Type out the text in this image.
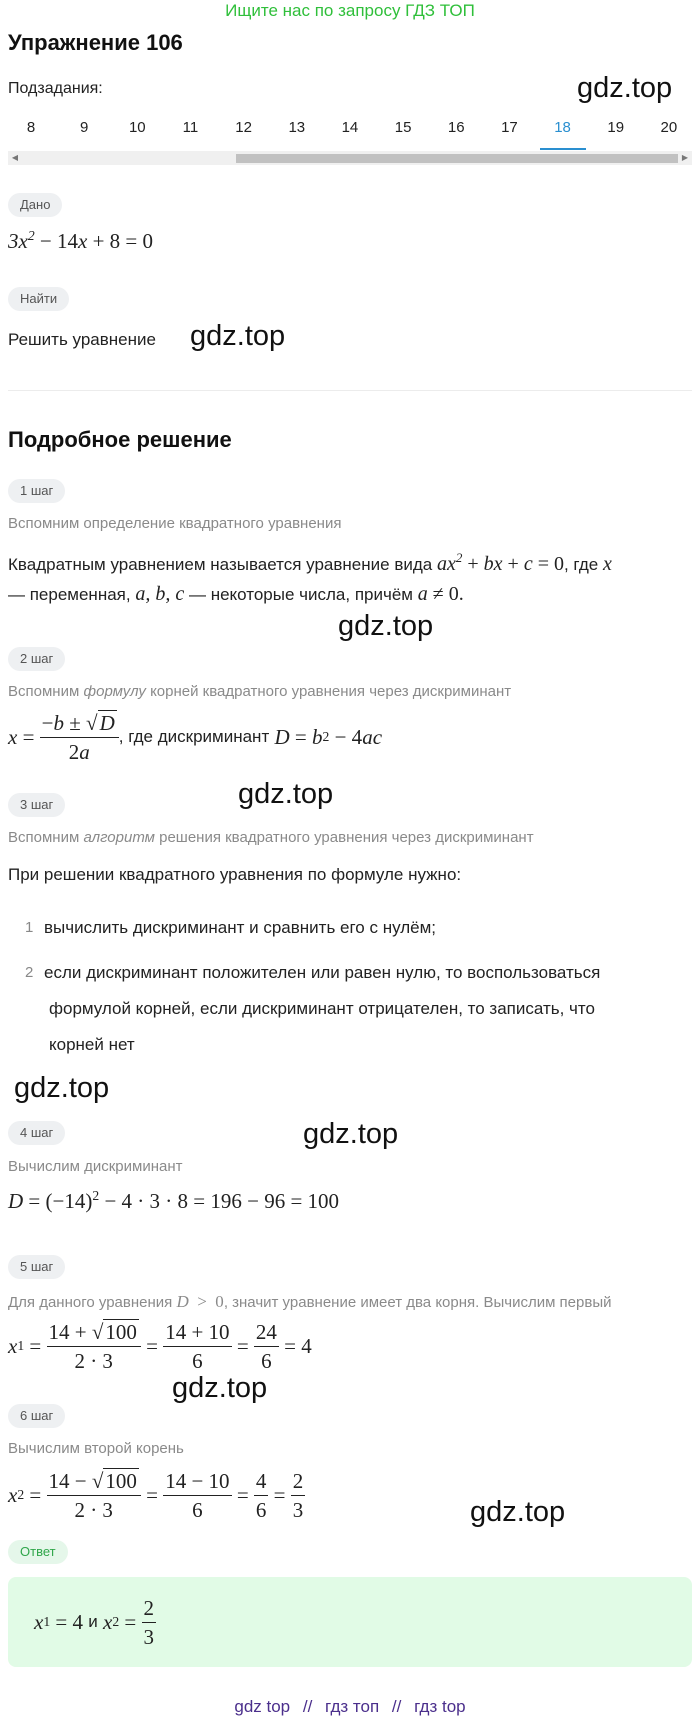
Ищите нас по запросу ГДЗ ТОП
Упражнение 106
Подзадания:	gdz.top
8	9	10	11	12	13	14	15	16	17	18	19	20
◀	▶
Дано
$3x^2 - 14x + 8 = 0$
Найти
Решить уравнение gdz.top
Подробное решение
1 шаг
Вспомним определение квадратного уравнения
Квадратным уравнением называется уравнение вида $ax^2$ + bx + c = 0, где x
— переменная, a, b, c — некоторые числа, причём a ≠ 0.
gdz.top
2 шаг
Вспомним формулу корней квадратного уравнения через дискриминант
$x = \frac{-b \pm √D}{2a}$ , где дискриминант D = b 2 − 4 ac
gdz.top
3 шаг
Вспомним алгоритм решения квадратного уравнения через дискриминант
При решении квадратного уравнения по формуле нужно:
1 вычислить дискриминант и сравнить его с нулём;
2 если дискриминант положителен или равен нулю, то воспользоваться
формулой корней, если дискриминант отрицателен, то записать, что
корней нет
gdz.top
4 шаг	gdz.top
Вычислим дискриминант
$D = (-14)^2 - 4 \cdot 3 \cdot 8 = 196 - 96 = 100$
5 шаг
Для данного уравнения D  >  0, значит уравнение имеет два корня. Вычислим первый
x $1 = \frac{14 + √100}{2 \cdot 3} = \frac{14 + 10}{6} = \frac{24}{6} = 4$
gdz.top
6 шаг
Вычислим второй корень
x $2 = \frac{14 - √100}{2 \cdot 3} = \frac{14 - 10}{6} = \frac{4}{6} = \frac{2}{3}$	gdz.top
Ответ
x 1 = 4 и x $2 = \frac{2}{3}$
gdz top // гдз топ // гдз top
